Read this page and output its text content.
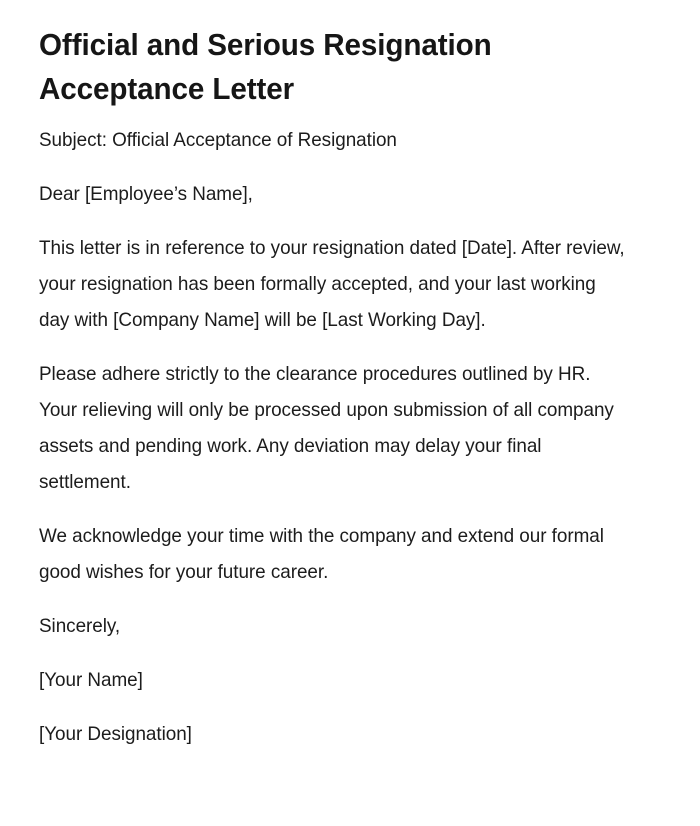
Official and Serious Resignation Acceptance Letter

Subject: Official Acceptance of Resignation

Dear [Employee’s Name],

This letter is in reference to your resignation dated [Date]. After review, your resignation has been formally accepted, and your last working day with [Company Name] will be [Last Working Day].

Please adhere strictly to the clearance procedures outlined by HR. Your relieving will only be processed upon submission of all company assets and pending work. Any deviation may delay your final settlement.

We acknowledge your time with the company and extend our formal good wishes for your future career.

Sincerely,

[Your Name]

[Your Designation]
